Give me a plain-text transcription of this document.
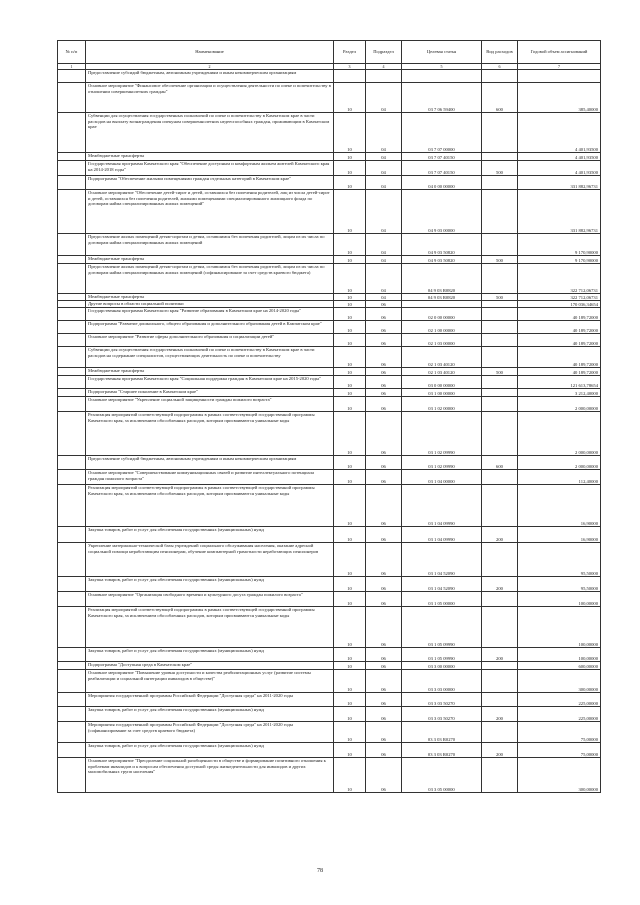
№ п/п	Наименование	Раздел	Подраздел	Целевая статья	Вид расходов	Годовой объем ассигнований
1	2	3	4	5	6	7
	Предоставление субсидий бюджетным, автономным учреждениям и иным некоммерческим организациям					
	Основное мероприятие "Финансовое обеспечение организации и осуществления деятельности по опеке и попечительству в отношении совершеннолетних граждан"	10	04	03 7 06 59400	600	385,40000
	Субвенции для осуществления государственных полномочий по опеке и попечительству в Камчатском крае в части расходов на выплату вознаграждения опекунам совершеннолетних недееспособных граждан, проживающим в Камчатском крае	10	04	03 7 07 00000		4 401,93500
	Межбюджетные трансферты	10	04	03 7 07 40150		4 401,93500
	Государственная программа Камчатского края "Обеспечение доступным и комфортным жильем жителей Камчатского края на 2014-2018 годы"	10	04	03 7 07 40150	500	4 401,93500
	Подпрограмма "Обеспечение жилыми помещениями граждан отдельных категорий в Камчатском крае"	10	04	04 0 00 00000		331 882,96731
	Основное мероприятие "Обеспечение детей-сирот и детей, оставшихся без попечения родителей, лиц из числа детей-сирот и детей, оставшихся без попечения родителей, жилыми помещениями специализированного жилищного фонда по договорам найма специализированных жилых помещений"	10	04	04 9 03 00000		331 882,96731
	Предоставление жилых помещений детям-сиротам и детям, оставшимся без попечения родителей, лицам из их числа по договорам найма специализированных жилых помещений	10	04	04 9 03 50820		9 170,90000
	Межбюджетные трансферты	10	04	04 9 03 50820	500	9 170,90000
	Предоставление жилых помещений детям-сиротам и детям, оставшимся без попечения родителей, лицам из их числа по договорам найма специализированных жилых помещений (софинансирование за счет средств краевого бюджета)	10	04	04 9 03 R0820		322 712,06731
	Межбюджетные трансферты	10	04	04 9 03 R0820	500	322 712,06731
	Другие вопросы в области социальной политики	10	06			170 036,34654
	Государственная программа Камчатского края "Развитие образования в Камчатском крае на 2014-2020 годы"	10	06	02 0 00 00000		40 189,72000
	Подпрограмма "Развитие дошкольного, общего образования и дополнительного образования детей в Камчатском крае"	10	06	02 1 00 00000		40 189,72000
	Основное мероприятие "Развитие сферы дополнительного образования и социализации детей"	10	06	02 1 03 00000		40 189,72000
	Субвенции для осуществления государственных полномочий по опеке и попечительству в Камчатском крае в части расходов на содержание специалистов, осуществляющих деятельность по опеке и попечительству	10	06	02 1 03 40120		40 189,72000
	Межбюджетные трансферты	10	06	02 1 03 40120	500	40 189,72000
	Государственная программа Камчатского края "Социальная поддержка граждан в Камчатском крае на 2015-2020 годы"	10	06	03 0 00 00000		121 613,78654
	Подпрограмма "Старшее поколение в Камчатском крае"	10	06	03 1 00 00000		3 212,40000
	Основное мероприятие "Укрепление социальной защищенности граждан пожилого возраста"	10	06	03 1 02 00000		2 000,00000
	Реализация мероприятий соответствующей подпрограммы в рамках соответствующей государственной программы Камчатского края, за исключением обособленных расходов, которым присваиваются уникальные коды	10	06	03 1 02 09990		2 000,00000
	Предоставление субсидий бюджетным, автономным учреждениям и иным некоммерческим организациям	10	06	03 1 02 09990	600	2 000,00000
	Основное мероприятие "Совершенствование коммуникационных связей и развитие интеллектуального потенциала граждан пожилого возраста"	10	06	03 1 04 00000		112,40000
	Реализация мероприятий соответствующей подпрограммы в рамках соответствующей государственной программы Камчатского края, за исключением обособленных расходов, которым присваиваются уникальные коды	10	06	03 1 04 09990		16,90000
	Закупка товаров, работ и услуг для обеспечения государственных (муниципальных) нужд	10	06	03 1 04 09990	200	16,90000
	Укрепление материально-технической базы учреждений социального обслуживания населения, оказание адресной социальной помощи неработающим пенсионерам, обучение компьютерной грамотности неработающих пенсионеров	10	06	03 1 04 52090		95,50000
	Закупка товаров, работ и услуг для обеспечения государственных (муниципальных) нужд	10	06	03 1 04 52090	200	95,50000
	Основное мероприятие "Организация свободного времени и культурного досуга граждан пожилого возраста"	10	06	03 1 05 00000		100,00000
	Реализация мероприятий соответствующей подпрограммы в рамках соответствующей государственной программы Камчатского края, за исключением обособленных расходов, которым присваиваются уникальные коды	10	06	03 1 05 09990		100,00000
	Закупка товаров, работ и услуг для обеспечения государственных (муниципальных) нужд	10	06	03 1 05 09990	200	100,00000
	Подпрограмма "Доступная среда в Камчатском крае"	10	06	03 3 00 00000		600,00000
	Основное мероприятие "Повышение уровня доступности и качества реабилитационных услуг (развитие системы реабилитации и социальной интеграции инвалидов в обществе)"	10	06	03 3 03 00000		300,00000
	Мероприятия государственной программы Российской Федерации "Доступная среда" на 2011-2020 годы	10	06	03 3 03 50270		225,00000
	Закупка товаров, работ и услуг для обеспечения государственных (муниципальных) нужд	10	06	03 3 03 50270	200	225,00000
	Мероприятия государственной программы Российской Федерации "Доступная среда" на 2011-2020 годы (софинансирование за счет средств краевого бюджета)	10	06	03 3 03 R0270		75,00000
	Закупка товаров, работ и услуг для обеспечения государственных (муниципальных) нужд	10	06	03 3 03 R0270	200	75,00000
	Основное мероприятие "Преодоление социальной разобщенности в обществе и формирование позитивного отношения к проблемам инвалидов и к вопросам обеспечения доступной среды жизнедеятельности для инвалидов и других маломобильных групп населения"	10	06	03 3 05 00000		300,00000
78
